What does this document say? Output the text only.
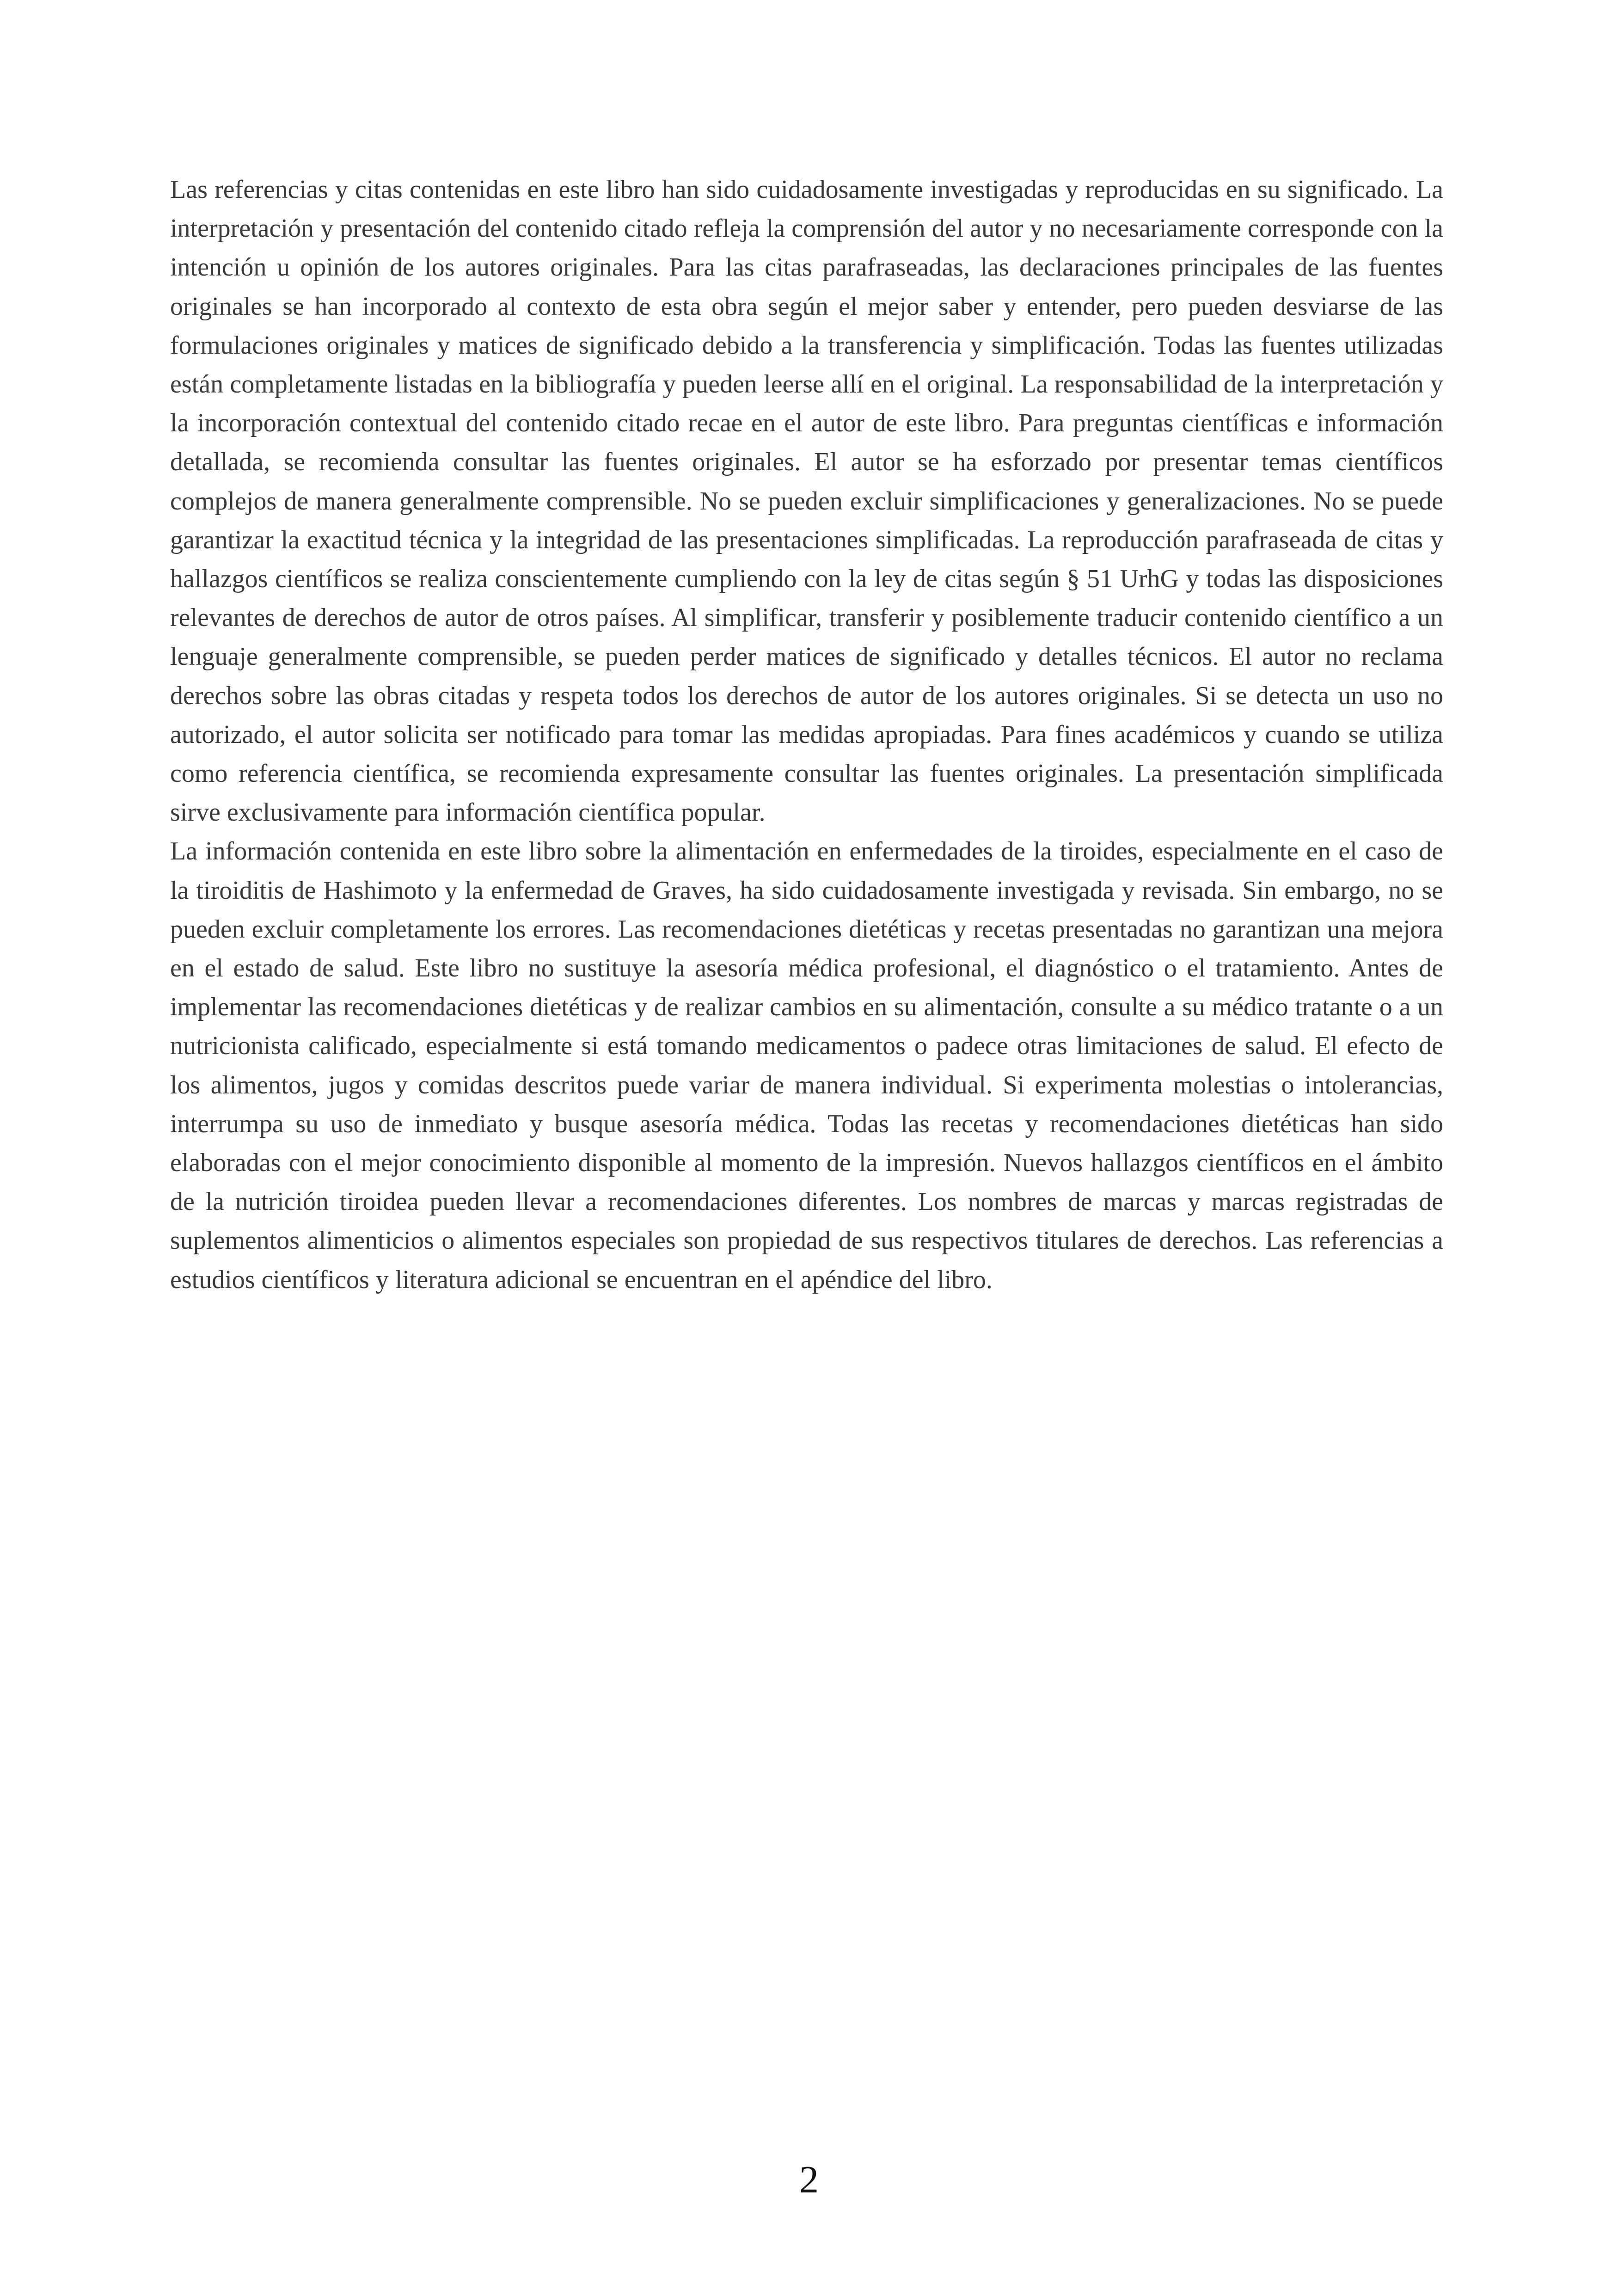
Las referencias y citas contenidas en este libro han sido cuidadosamente investigadas y reproducidas en su significado. La interpretación y presentación del contenido citado refleja la comprensión del autor y no necesariamente corresponde con la intención u opinión de los autores originales. Para las citas parafraseadas, las declaraciones principales de las fuentes originales se han incorporado al contexto de esta obra según el mejor saber y entender, pero pueden desviarse de las formulaciones originales y matices de significado debido a la transferencia y simplificación. Todas las fuentes utilizadas están completamente listadas en la bibliografía y pueden leerse allí en el original. La responsabilidad de la interpretación y la incorporación contextual del contenido citado recae en el autor de este libro. Para preguntas científicas e información detallada, se recomienda consultar las fuentes originales. El autor se ha esforzado por presentar temas científicos complejos de manera generalmente comprensible. No se pueden excluir simplificaciones y generalizaciones. No se puede garantizar la exactitud técnica y la integridad de las presentaciones simplificadas. La reproducción parafraseada de citas y hallazgos científicos se realiza conscientemente cumpliendo con la ley de citas según § 51 UrhG y todas las disposiciones relevantes de derechos de autor de otros países. Al simplificar, transferir y posiblemente traducir contenido científico a un lenguaje generalmente comprensible, se pueden perder matices de significado y detalles técnicos. El autor no reclama derechos sobre las obras citadas y respeta todos los derechos de autor de los autores originales. Si se detecta un uso no autorizado, el autor solicita ser notificado para tomar las medidas apropiadas. Para fines académicos y cuando se utiliza como referencia científica, se recomienda expresamente consultar las fuentes originales. La presentación simplificada sirve exclusivamente para información científica popular.

La información contenida en este libro sobre la alimentación en enfermedades de la tiroides, especialmente en el caso de la tiroiditis de Hashimoto y la enfermedad de Graves, ha sido cuidadosamente investigada y revisada. Sin embargo, no se pueden excluir completamente los errores. Las recomendaciones dietéticas y recetas presentadas no garantizan una mejora en el estado de salud. Este libro no sustituye la asesoría médica profesional, el diagnóstico o el tratamiento. Antes de implementar las recomendaciones dietéticas y de realizar cambios en su alimentación, consulte a su médico tratante o a un nutricionista calificado, especialmente si está tomando medicamentos o padece otras limitaciones de salud. El efecto de los alimentos, jugos y comidas descritos puede variar de manera individual. Si experimenta molestias o intolerancias, interrumpa su uso de inmediato y busque asesoría médica. Todas las recetas y recomendaciones dietéticas han sido elaboradas con el mejor conocimiento disponible al momento de la impresión. Nuevos hallazgos científicos en el ámbito de la nutrición tiroidea pueden llevar a recomendaciones diferentes. Los nombres de marcas y marcas registradas de suplementos alimenticios o alimentos especiales son propiedad de sus respectivos titulares de derechos. Las referencias a estudios científicos y literatura adicional se encuentran en el apéndice del libro.

2
